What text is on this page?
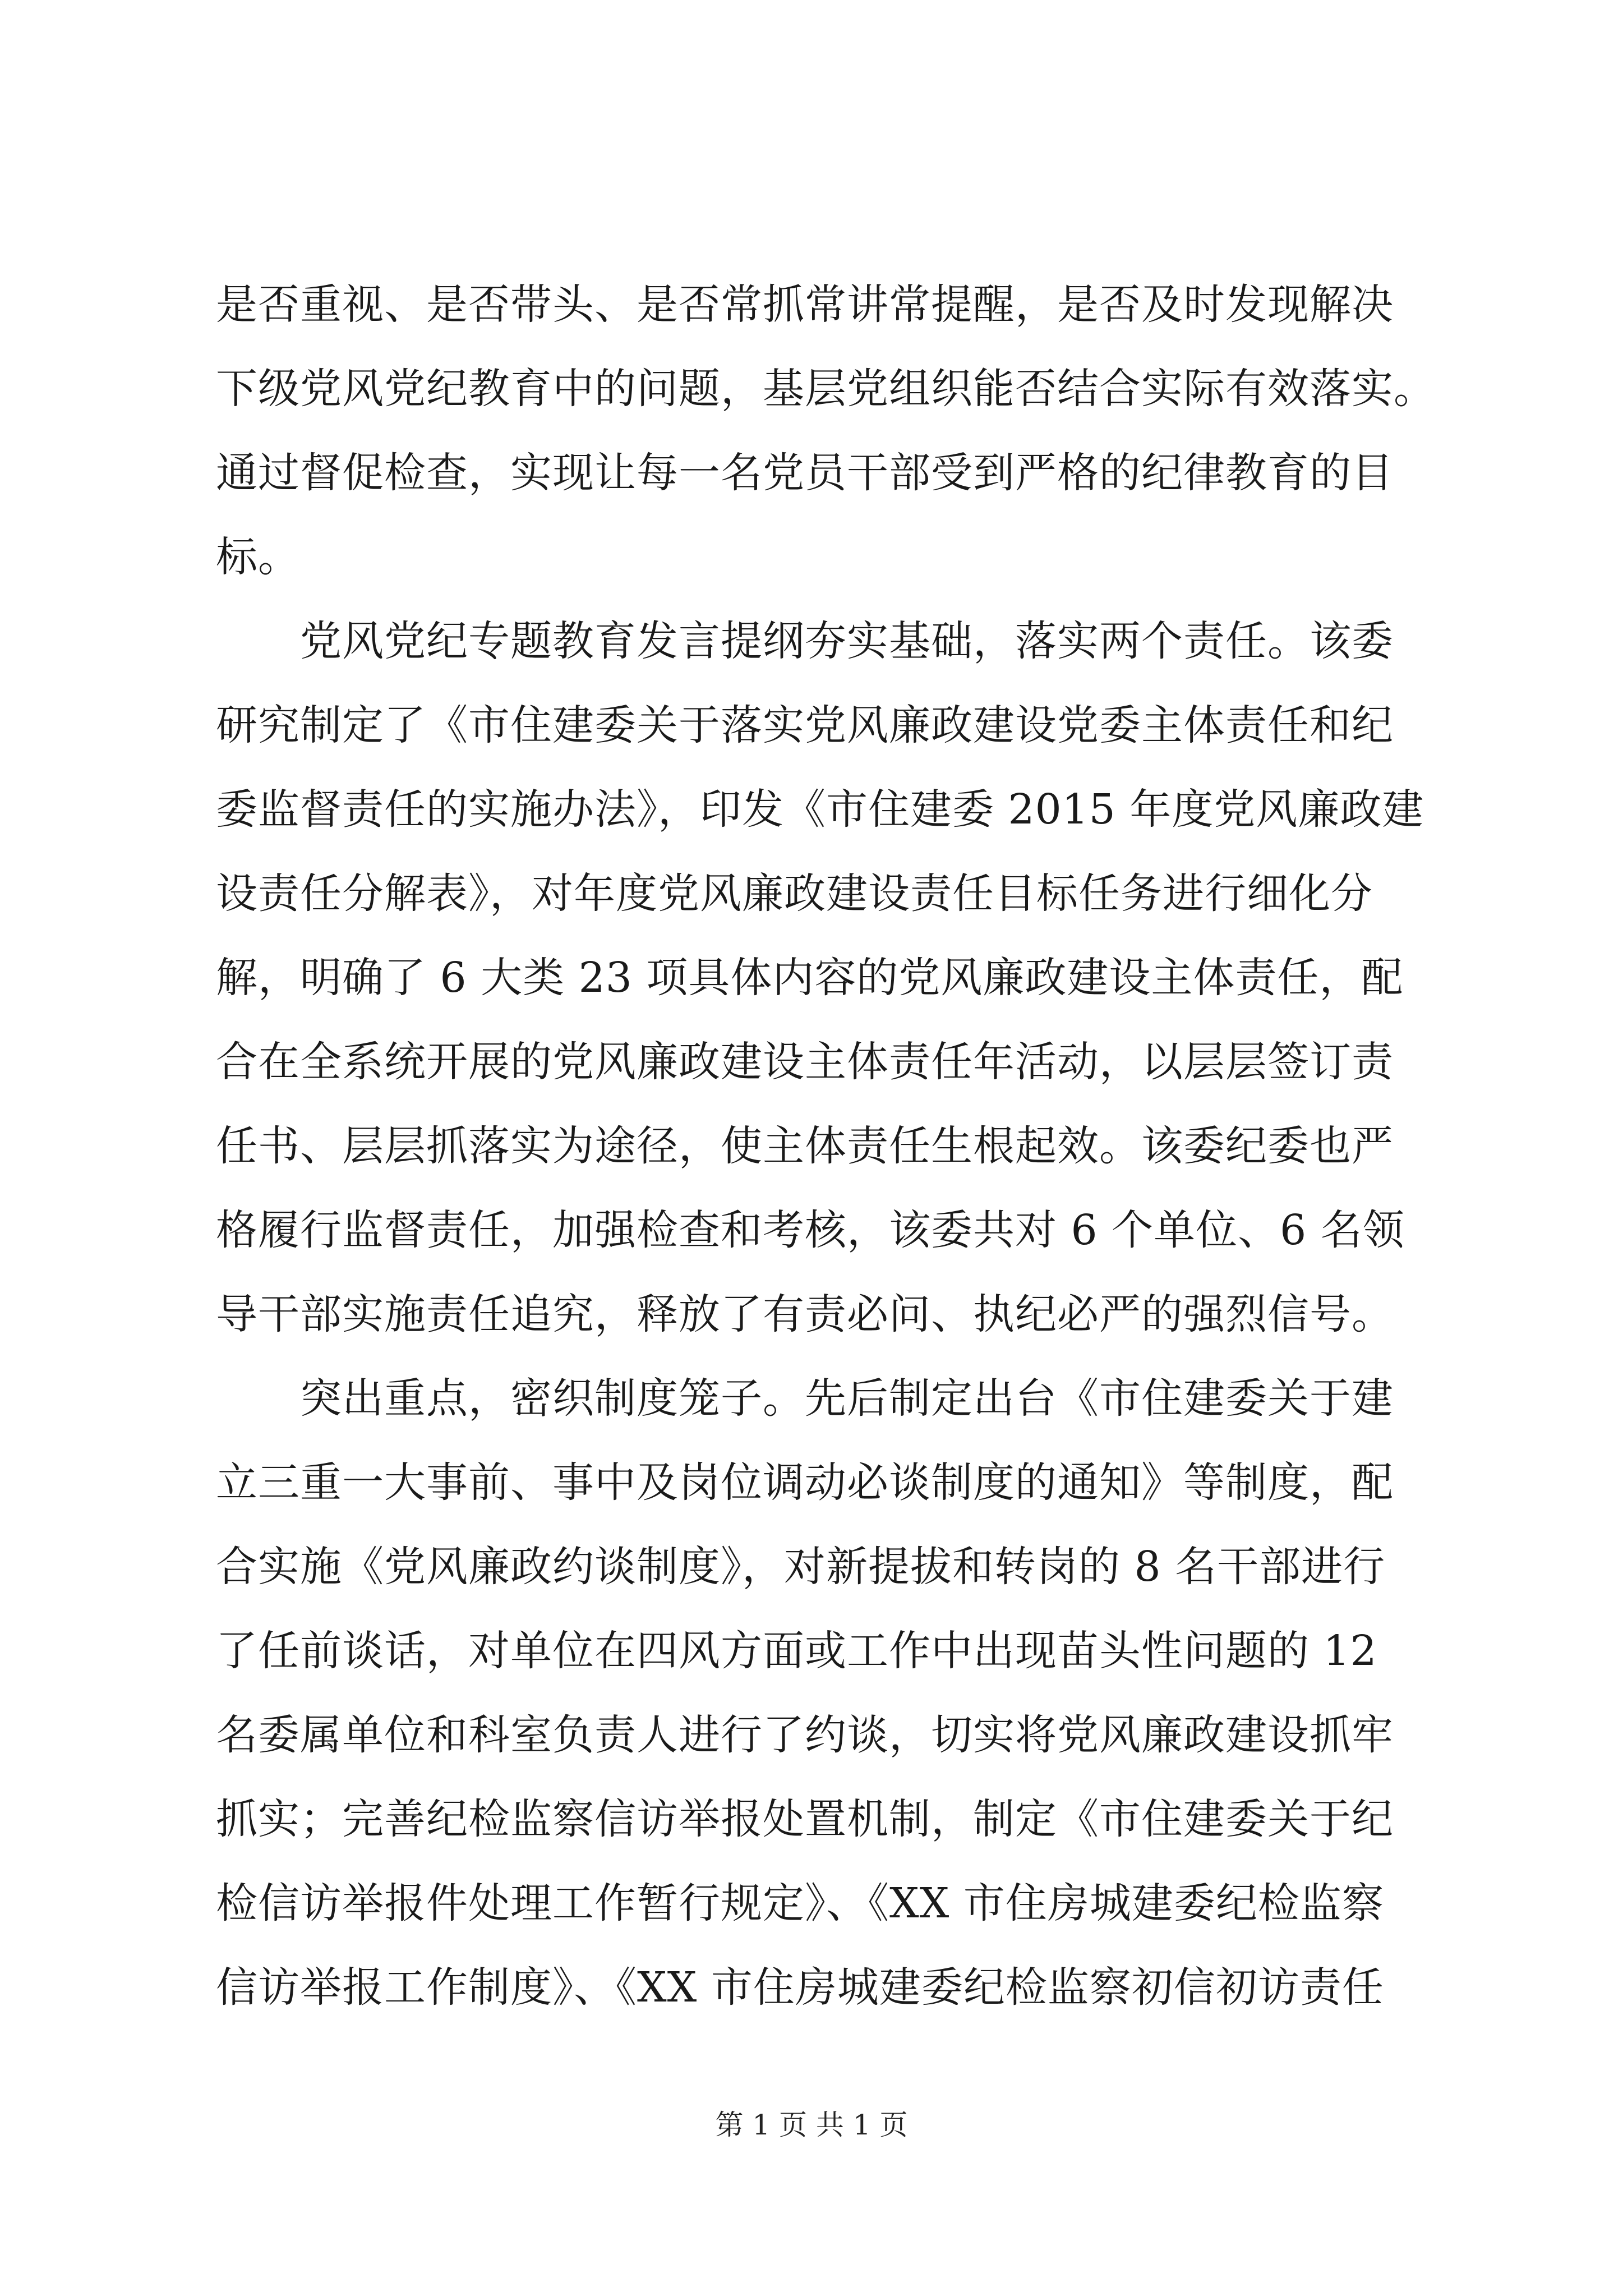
是否重视、是否带头、是否常抓常讲常提醒，是否及时发现解决
下级党风党纪教育中的问题，基层党组织能否结合实际有效落实。
通过督促检查，实现让每一名党员干部受到严格的纪律教育的目
标。
　　党风党纪专题教育发言提纲夯实基础，落实两个责任。该委
研究制定了《市住建委关于落实党风廉政建设党委主体责任和纪
委监督责任的实施办法》，印发《市住建委 2015 年度党风廉政建
设责任分解表》，对年度党风廉政建设责任目标任务进行细化分
解，明确了 6 大类 23 项具体内容的党风廉政建设主体责任，配
合在全系统开展的党风廉政建设主体责任年活动，以层层签订责
任书、层层抓落实为途径，使主体责任生根起效。该委纪委也严
格履行监督责任，加强检查和考核，该委共对 6 个单位、6 名领
导干部实施责任追究，释放了有责必问、执纪必严的强烈信号。
　　突出重点，密织制度笼子。先后制定出台《市住建委关于建
立三重一大事前、事中及岗位调动必谈制度的通知》等制度，配
合实施《党风廉政约谈制度》，对新提拔和转岗的 8 名干部进行
了任前谈话，对单位在四风方面或工作中出现苗头性问题的 12
名委属单位和科室负责人进行了约谈，切实将党风廉政建设抓牢
抓实；完善纪检监察信访举报处置机制，制定《市住建委关于纪
检信访举报件处理工作暂行规定》、《XX 市住房城建委纪检监察
信访举报工作制度》、《XX 市住房城建委纪检监察初信初访责任
第 1 页 共 1 页
